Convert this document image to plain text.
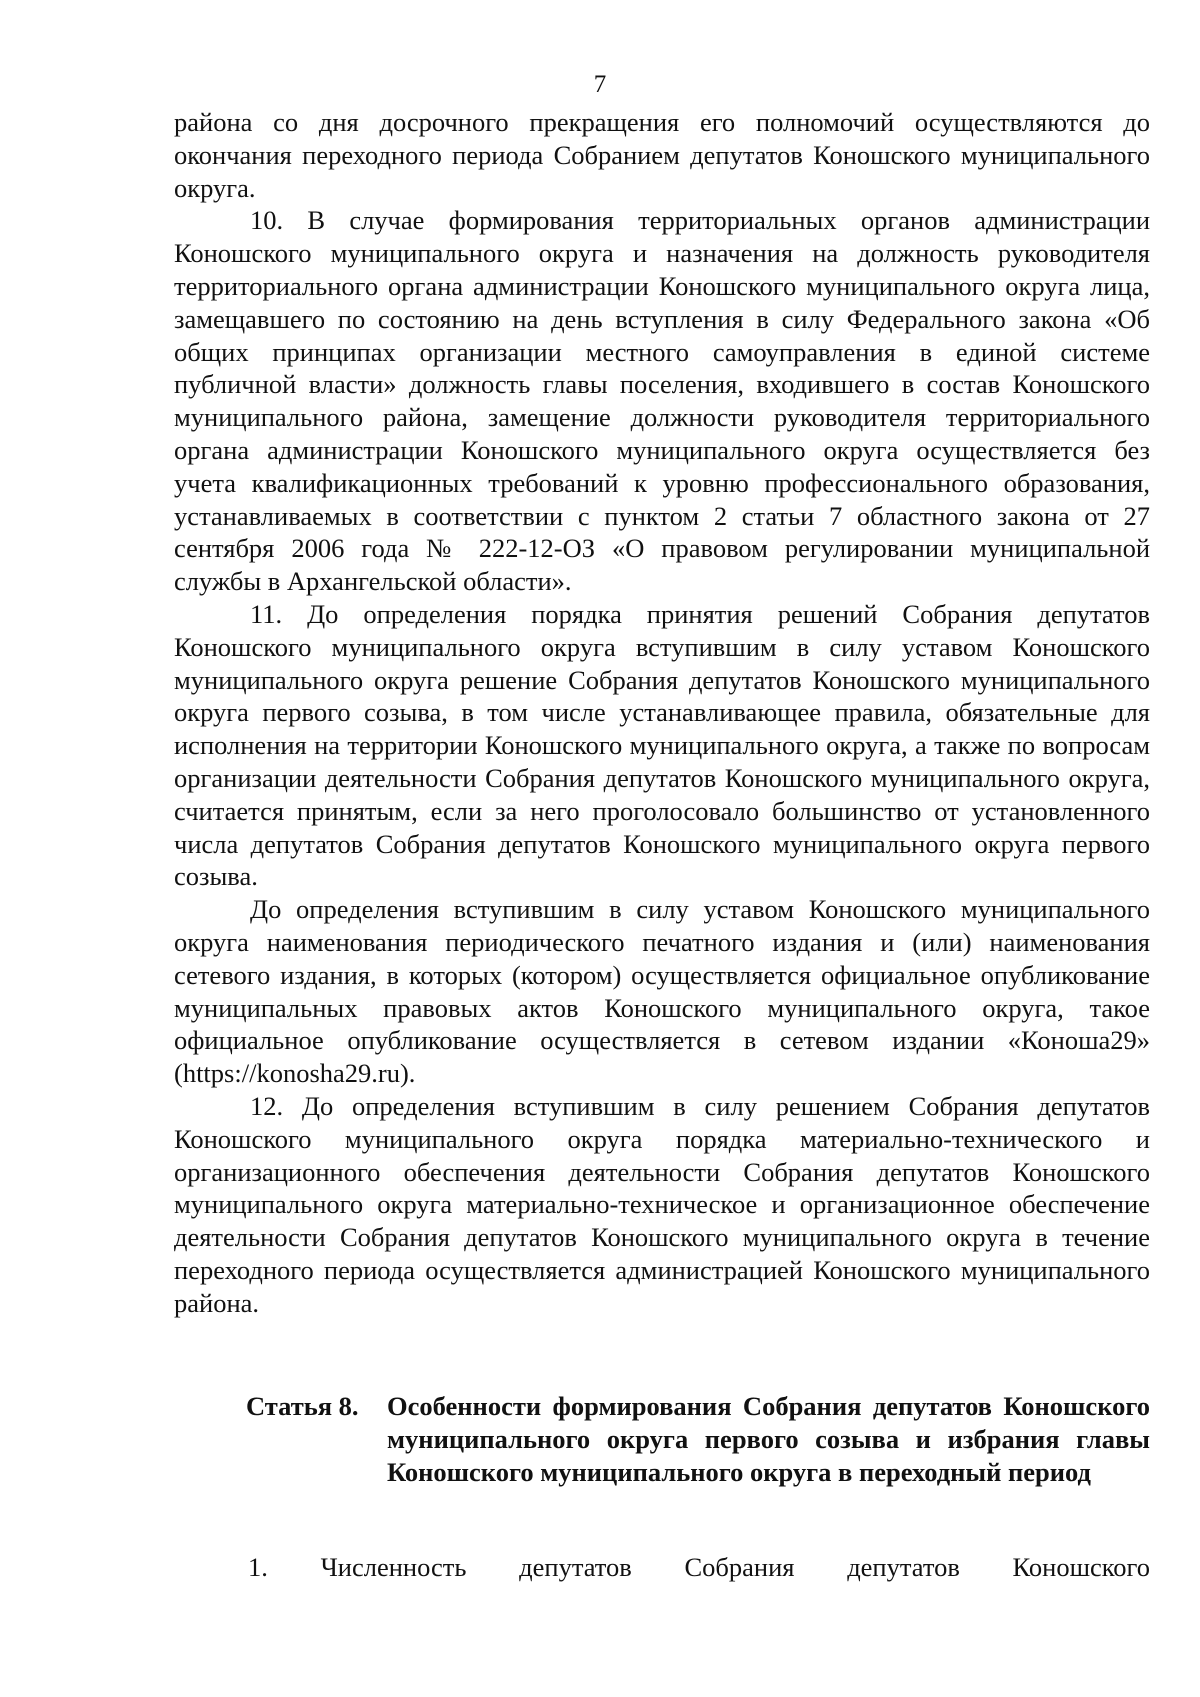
7

района со дня досрочного прекращения его полномочий осуществляются до окончания переходного периода Собранием депутатов Коношского муниципального округа.

10. В случае формирования территориальных органов администрации Коношского муниципального округа и назначения на должность руководителя территориального органа администрации Коношского муниципального округа лица, замещавшего по состоянию на день вступления в силу Федерального закона «Об общих принципах организации местного самоуправления в единой системе публичной власти» должность главы поселения, входившего в состав Коношского муниципального района, замещение должности руководителя территориального органа администрации Коношского муниципального округа осуществляется без учета квалификационных требований к уровню профессионального образования, устанавливаемых в соответствии с пунктом 2 статьи 7 областного закона от 27 сентября 2006 года № 222-12-ОЗ «О правовом регулировании муниципальной службы в Архангельской области».

11. До определения порядка принятия решений Собрания депутатов Коношского муниципального округа вступившим в силу уставом Коношского муниципального округа решение Собрания депутатов Коношского муниципального округа первого созыва, в том числе устанавливающее правила, обязательные для исполнения на территории Коношского муниципального округа, а также по вопросам организации деятельности Собрания депутатов Коношского муниципального округа, считается принятым, если за него проголосовало большинство от установленного числа депутатов Собрания депутатов Коношского муниципального округа первого созыва.

До определения вступившим в силу уставом Коношского муниципального округа наименования периодического печатного издания и (или) наименования сетевого издания, в которых (котором) осуществляется официальное опубликование муниципальных правовых актов Коношского муниципального округа, такое официальное опубликование осуществляется в сетевом издании «Коноша29» (https://konosha29.ru).

12. До определения вступившим в силу решением Собрания депутатов Коношского муниципального округа порядка материально-технического и организационного обеспечения деятельности Собрания депутатов Коношского муниципального округа материально-техническое и организационное обеспечение деятельности Собрания депутатов Коношского муниципального округа в течение переходного периода осуществляется администрацией Коношского муниципального района.

Статья 8.	Особенности формирования Собрания депутатов Коношского муниципального округа первого созыва и избрания главы Коношского муниципального округа в переходный период
1. Численность депутатов Собрания депутатов Коношского
